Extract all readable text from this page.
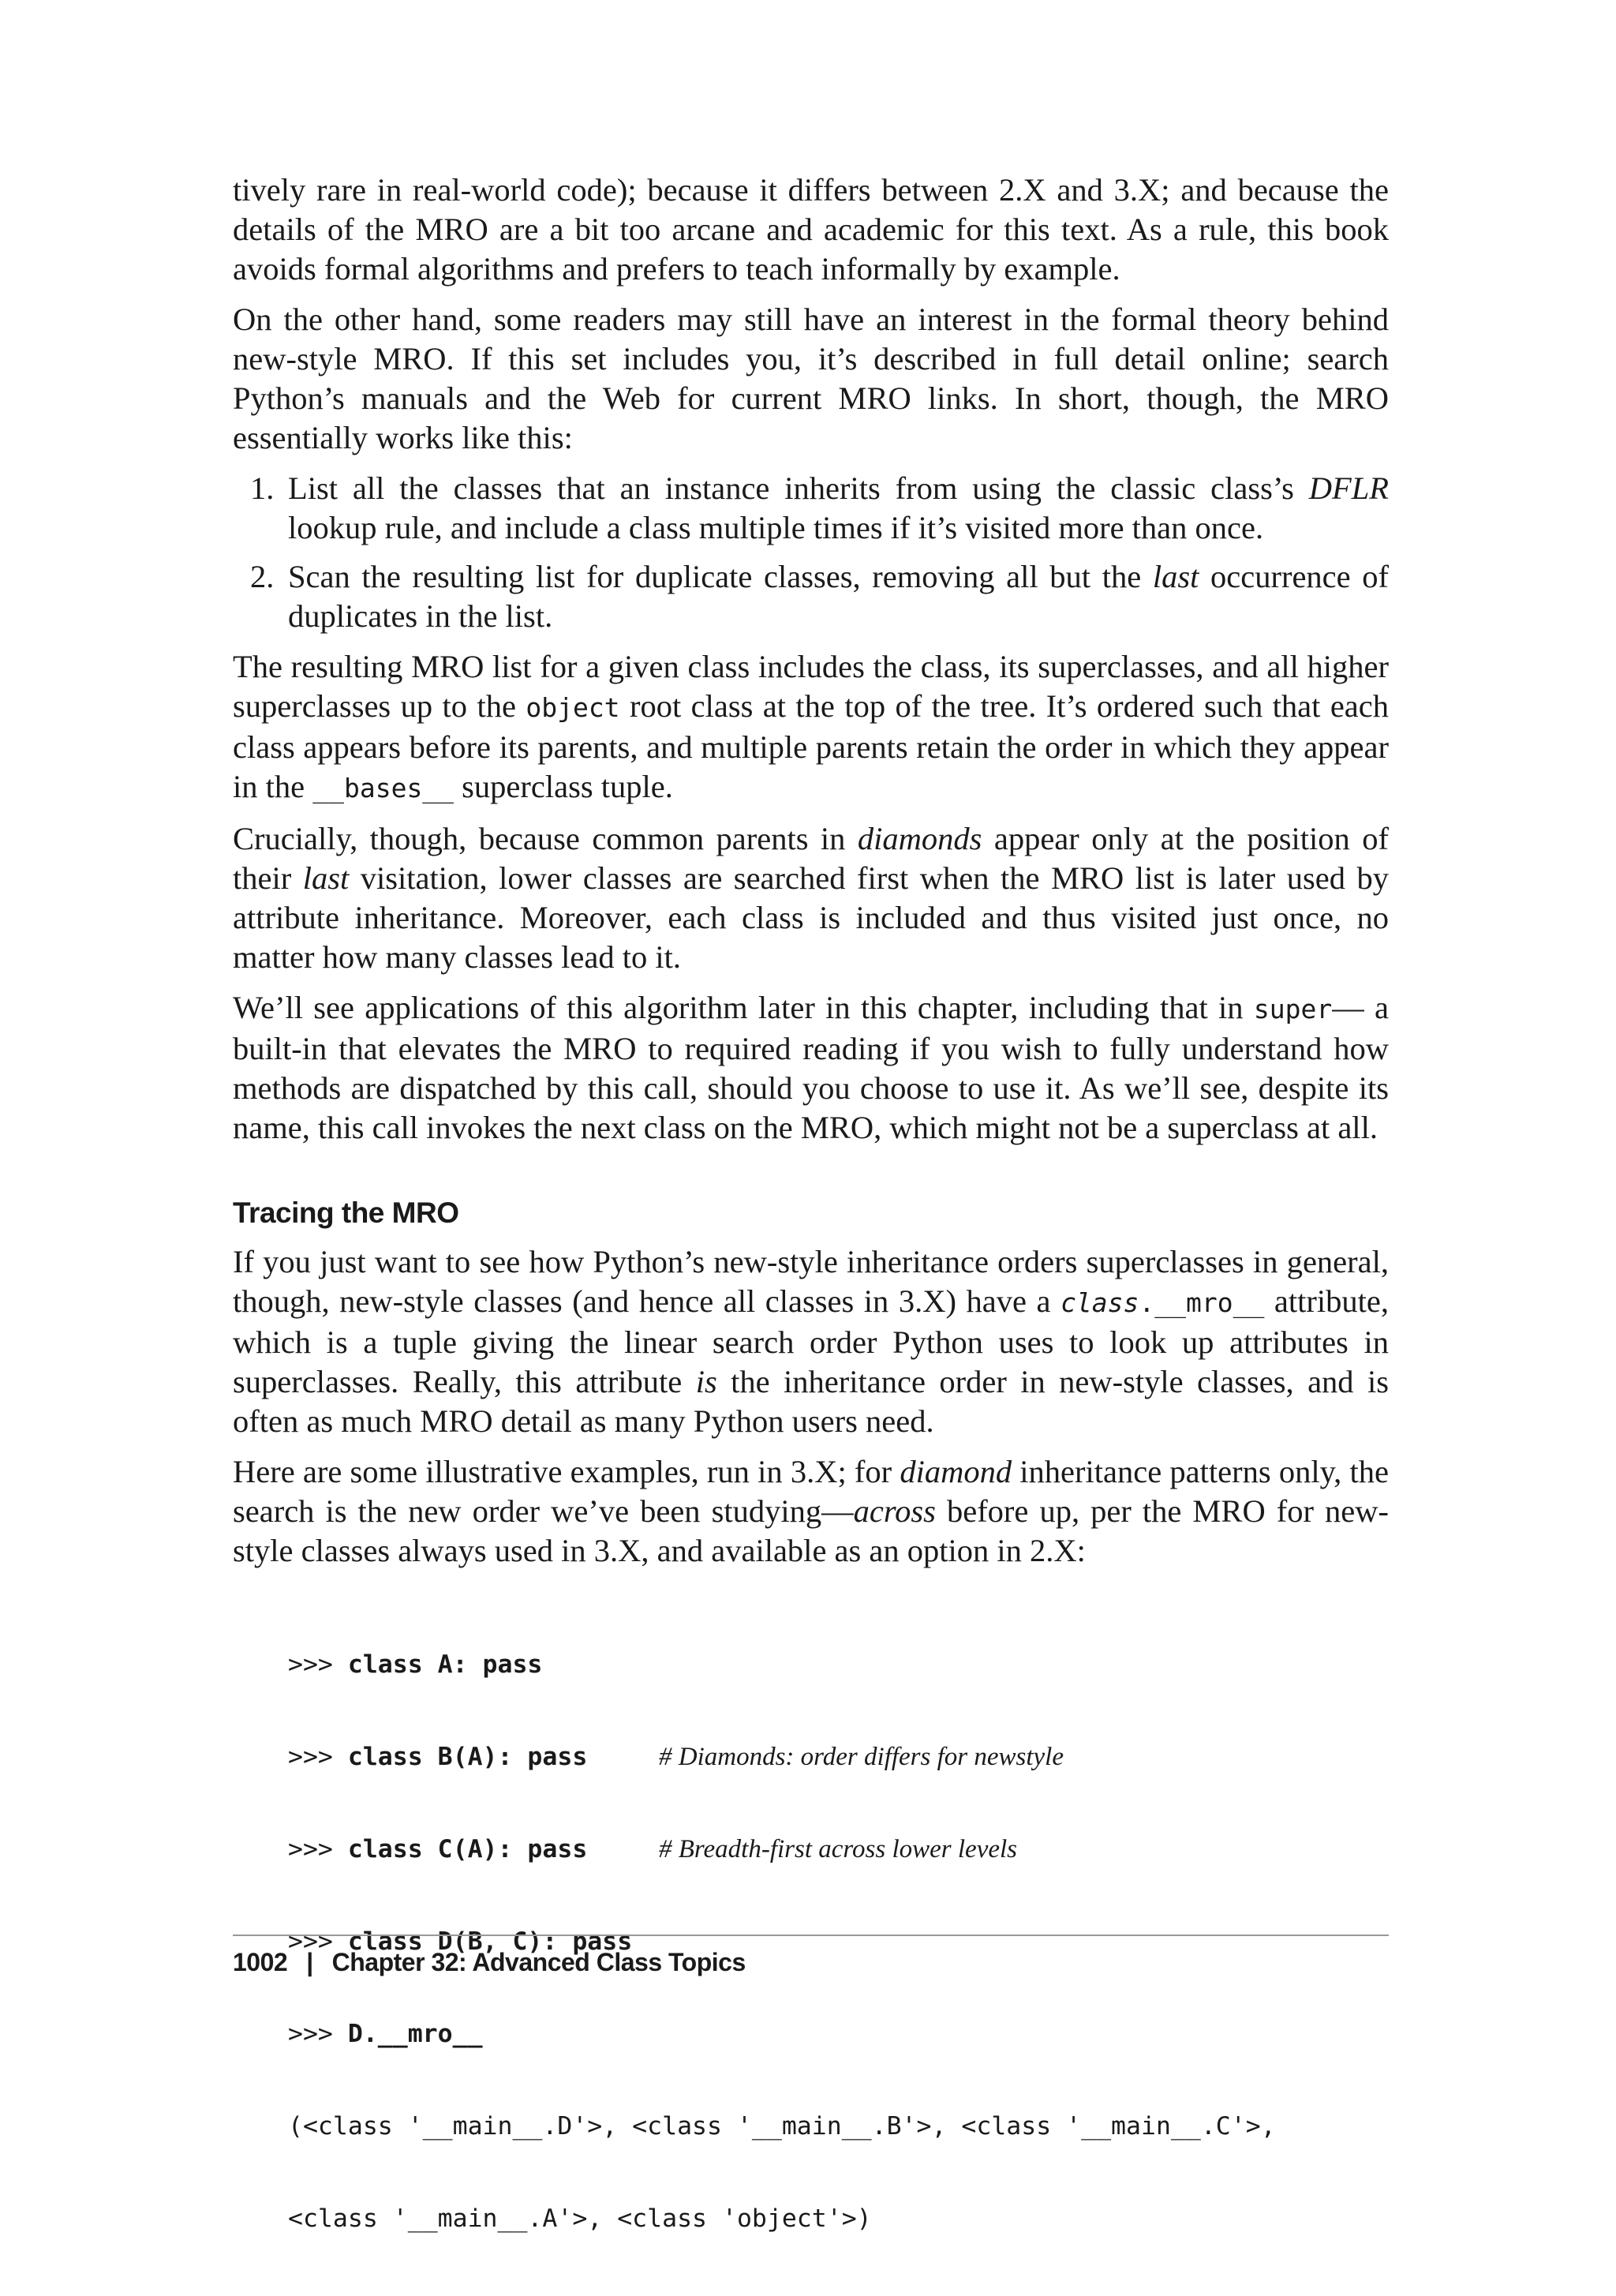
tively rare in real-world code); because it differs between 2.X and 3.X; and because the details of the MRO are a bit too arcane and academic for this text. As a rule, this book avoids formal algorithms and prefers to teach informally by example.

On the other hand, some readers may still have an interest in the formal theory behind new-style MRO. If this set includes you, it’s described in full detail online; search Python’s manuals and the Web for current MRO links. In short, though, the MRO essentially works like this:

1. List all the classes that an instance inherits from using the classic class’s DFLR lookup rule, and include a class multiple times if it’s visited more than once.
2. Scan the resulting list for duplicate classes, removing all but the last occurrence of duplicates in the list.

The resulting MRO list for a given class includes the class, its superclasses, and all higher superclasses up to the object root class at the top of the tree. It’s ordered such that each class appears before its parents, and multiple parents retain the order in which they appear in the __bases__ superclass tuple.

Crucially, though, because common parents in diamonds appear only at the position of their last visitation, lower classes are searched first when the MRO list is later used by attribute inheritance. Moreover, each class is included and thus visited just once, no matter how many classes lead to it.

We’ll see applications of this algorithm later in this chapter, including that in super— a built-in that elevates the MRO to required reading if you wish to fully understand how methods are dispatched by this call, should you choose to use it. As we’ll see, despite its name, this call invokes the next class on the MRO, which might not be a superclass at all.

Tracing the MRO

If you just want to see how Python’s new-style inheritance orders superclasses in general, though, new-style classes (and hence all classes in 3.X) have a class.__mro__ attribute, which is a tuple giving the linear search order Python uses to look up attributes in superclasses. Really, this attribute is the inheritance order in new-style classes, and is often as much MRO detail as many Python users need.

Here are some illustrative examples, run in 3.X; for diamond inheritance patterns only, the search is the new order we’ve been studying—across before up, per the MRO for new-style classes always used in 3.X, and available as an option in 2.X:

>>> class A: pass

>>> class B(A): pass	# Diamonds: order differs for newstyle

>>> class C(A): pass	# Breadth-first across lower levels

>>> class D(B, C): pass

>>> D.__mro__

(<class '__main__.D'>, <class '__main__.B'>, <class '__main__.C'>,

<class '__main__.A'>, <class 'object'>)

1002 | Chapter 32: Advanced Class Topics
